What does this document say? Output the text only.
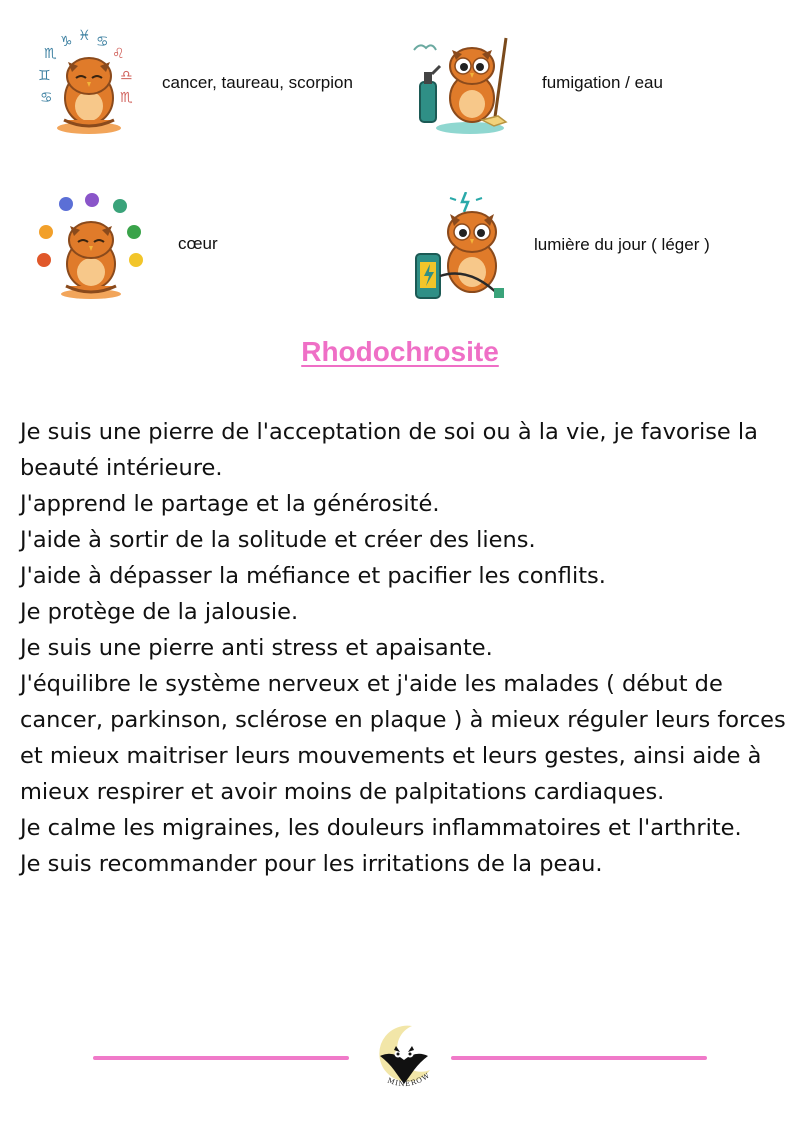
♑ ♓ ♋
♌
♎
♏
♏
♊
♋
cancer, taureau, scorpion	fumigation / eau
cœur	lumière du jour ( léger )
Rhodochrosite

Je suis une pierre de l'acceptation de soi ou à la vie, je favorise la beauté intérieure.

J'apprend le partage et la générosité.

J'aide à sortir de la solitude et créer des liens.

J'aide à dépasser la méfiance et pacifier les conflits.

Je protège de la jalousie.

Je suis une pierre anti stress et apaisante.

J'équilibre le système nerveux et j'aide les malades ( début de cancer, parkinson, sclérose en plaque ) à mieux réguler leurs forces et mieux maitriser leurs mouvements et leurs gestes, ainsi aide à mieux respirer et avoir moins de palpitations cardiaques.

Je calme les migraines, les douleurs inflammatoires et l'arthrite.

Je suis recommander pour les irritations de la peau.

MINEROW
